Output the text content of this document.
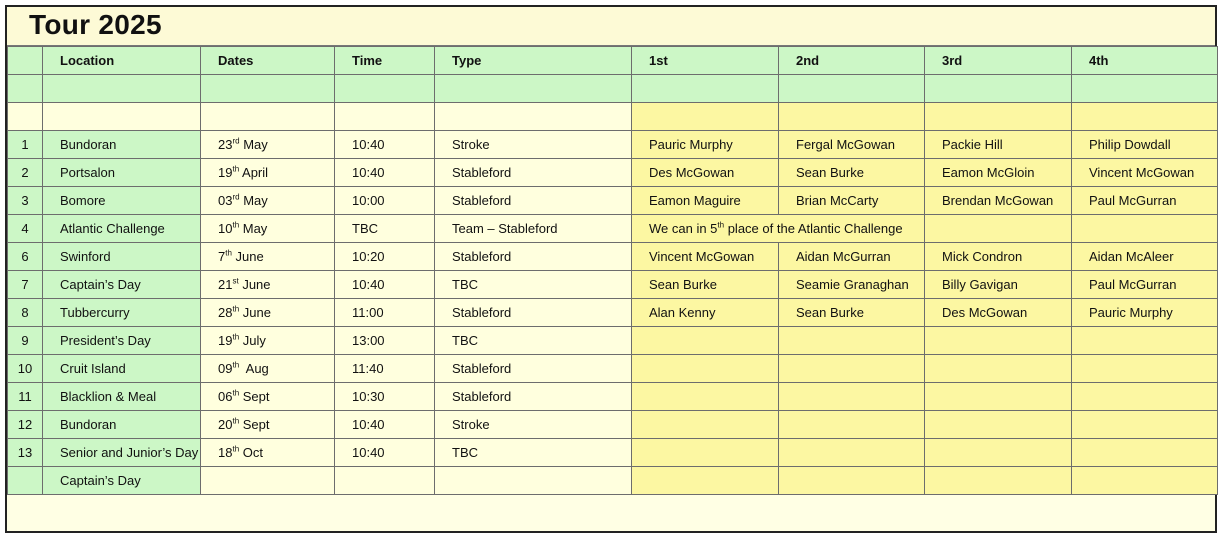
Tour 2025
	Location	Dates	Time	Type	1st	2nd	3rd	4th

1	Bundoran	23rd May	10:40	Stroke	Pauric Murphy	Fergal McGowan	Packie Hill	Philip Dowdall
2	Portsalon	19th April	10:40	Stableford	Des McGowan	Sean Burke	Eamon McGloin	Vincent McGowan
3	Bomore	03rd May	10:00	Stableford	Eamon Maguire	Brian McCarty	Brendan McGowan	Paul McGurran
4	Atlantic Challenge	10th May	TBC	Team – Stableford	We can in 5th place of the Atlantic Challenge			
6	Swinford	7th June	10:20	Stableford	Vincent McGowan	Aidan McGurran	Mick Condron	Aidan McAleer
7	Captain’s Day	21st June	10:40	TBC	Sean Burke	Seamie Granaghan	Billy Gavigan	Paul McGurran
8	Tubbercurry	28th June	11:00	Stableford	Alan Kenny	Sean Burke	Des McGowan	Pauric Murphy
9	President’s Day	19th July	13:00	TBC				
10	Cruit Island	09th  Aug	11:40	Stableford				
11	Blacklion & Meal	06th Sept	10:30	Stableford				
12	Bundoran	20th Sept	10:40	Stroke				
13	Senior and Junior’s Day	18th Oct	10:40	TBC				
	Captain’s Day							
